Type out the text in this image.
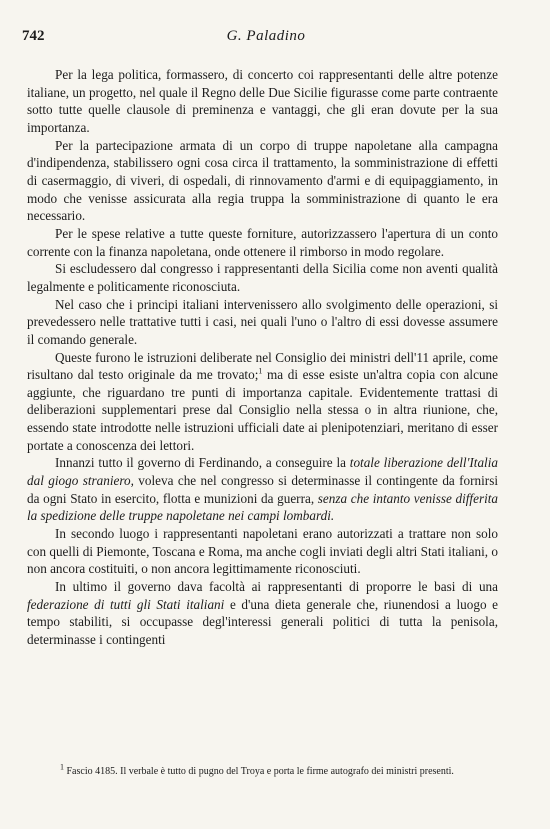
742	G. Paladino

Per la lega politica, formassero, di concerto coi rappresentanti delle altre potenze italiane, un progetto, nel quale il Regno delle Due Sicilie figurasse come parte contraente sotto tutte quelle clausole di preminenza e vantaggi, che gli eran dovute per la sua importanza.

Per la partecipazione armata di un corpo di truppe napoletane alla campagna d'indipendenza, stabilissero ogni cosa circa il trattamento, la somministrazione di effetti di casermaggio, di viveri, di ospedali, di rinnovamento d'armi e di equipaggiamento, in modo che venisse assicurata alla regia truppa la somministrazione di quanto le era necessario.

Per le spese relative a tutte queste forniture, autorizzassero l'apertura di un conto corrente con la finanza napoletana, onde ottenere il rimborso in modo regolare.

Si escludessero dal congresso i rappresentanti della Sicilia come non aventi qualità legalmente e politicamente riconosciuta.

Nel caso che i principi italiani intervenissero allo svolgimento delle operazioni, si prevedessero nelle trattative tutti i casi, nei quali l'uno o l'altro di essi dovesse assumere il comando generale.

Queste furono le istruzioni deliberate nel Consiglio dei ministri dell'11 aprile, come risultano dal testo originale da me trovato;$^1$ ma di esse esiste un'altra copia con alcune aggiunte, che riguardano tre punti di importanza capitale. Evidentemente trattasi di deliberazioni supplementari prese dal Consiglio nella stessa o in altra riunione, che, essendo state introdotte nelle istruzioni ufficiali date ai plenipotenziari, meritano di esser portate a conoscenza dei lettori.

Innanzi tutto il governo di Ferdinando, a conseguire la totale liberazione dell'Italia dal giogo straniero, voleva che nel congresso si determinasse il contingente da fornirsi da ogni Stato in esercito, flotta e munizioni da guerra, senza che intanto venisse differita la spedizione delle truppe napoletane nei campi lombardi.

In secondo luogo i rappresentanti napoletani erano autorizzati a trattare non solo con quelli di Piemonte, Toscana e Roma, ma anche cogli inviati degli altri Stati italiani, o non ancora costituiti, o non ancora legittimamente riconosciuti.

In ultimo il governo dava facoltà ai rappresentanti di proporre le basi di una federazione di tutti gli Stati italiani e d'una dieta generale che, riunendosi a luogo e tempo stabiliti, si occupasse degl'interessi generali politici di tutta la penisola, determinasse i contingenti

$^1$ Fascio 4185. Il verbale è tutto di pugno del Troya e porta le firme autografo dei ministri presenti.
